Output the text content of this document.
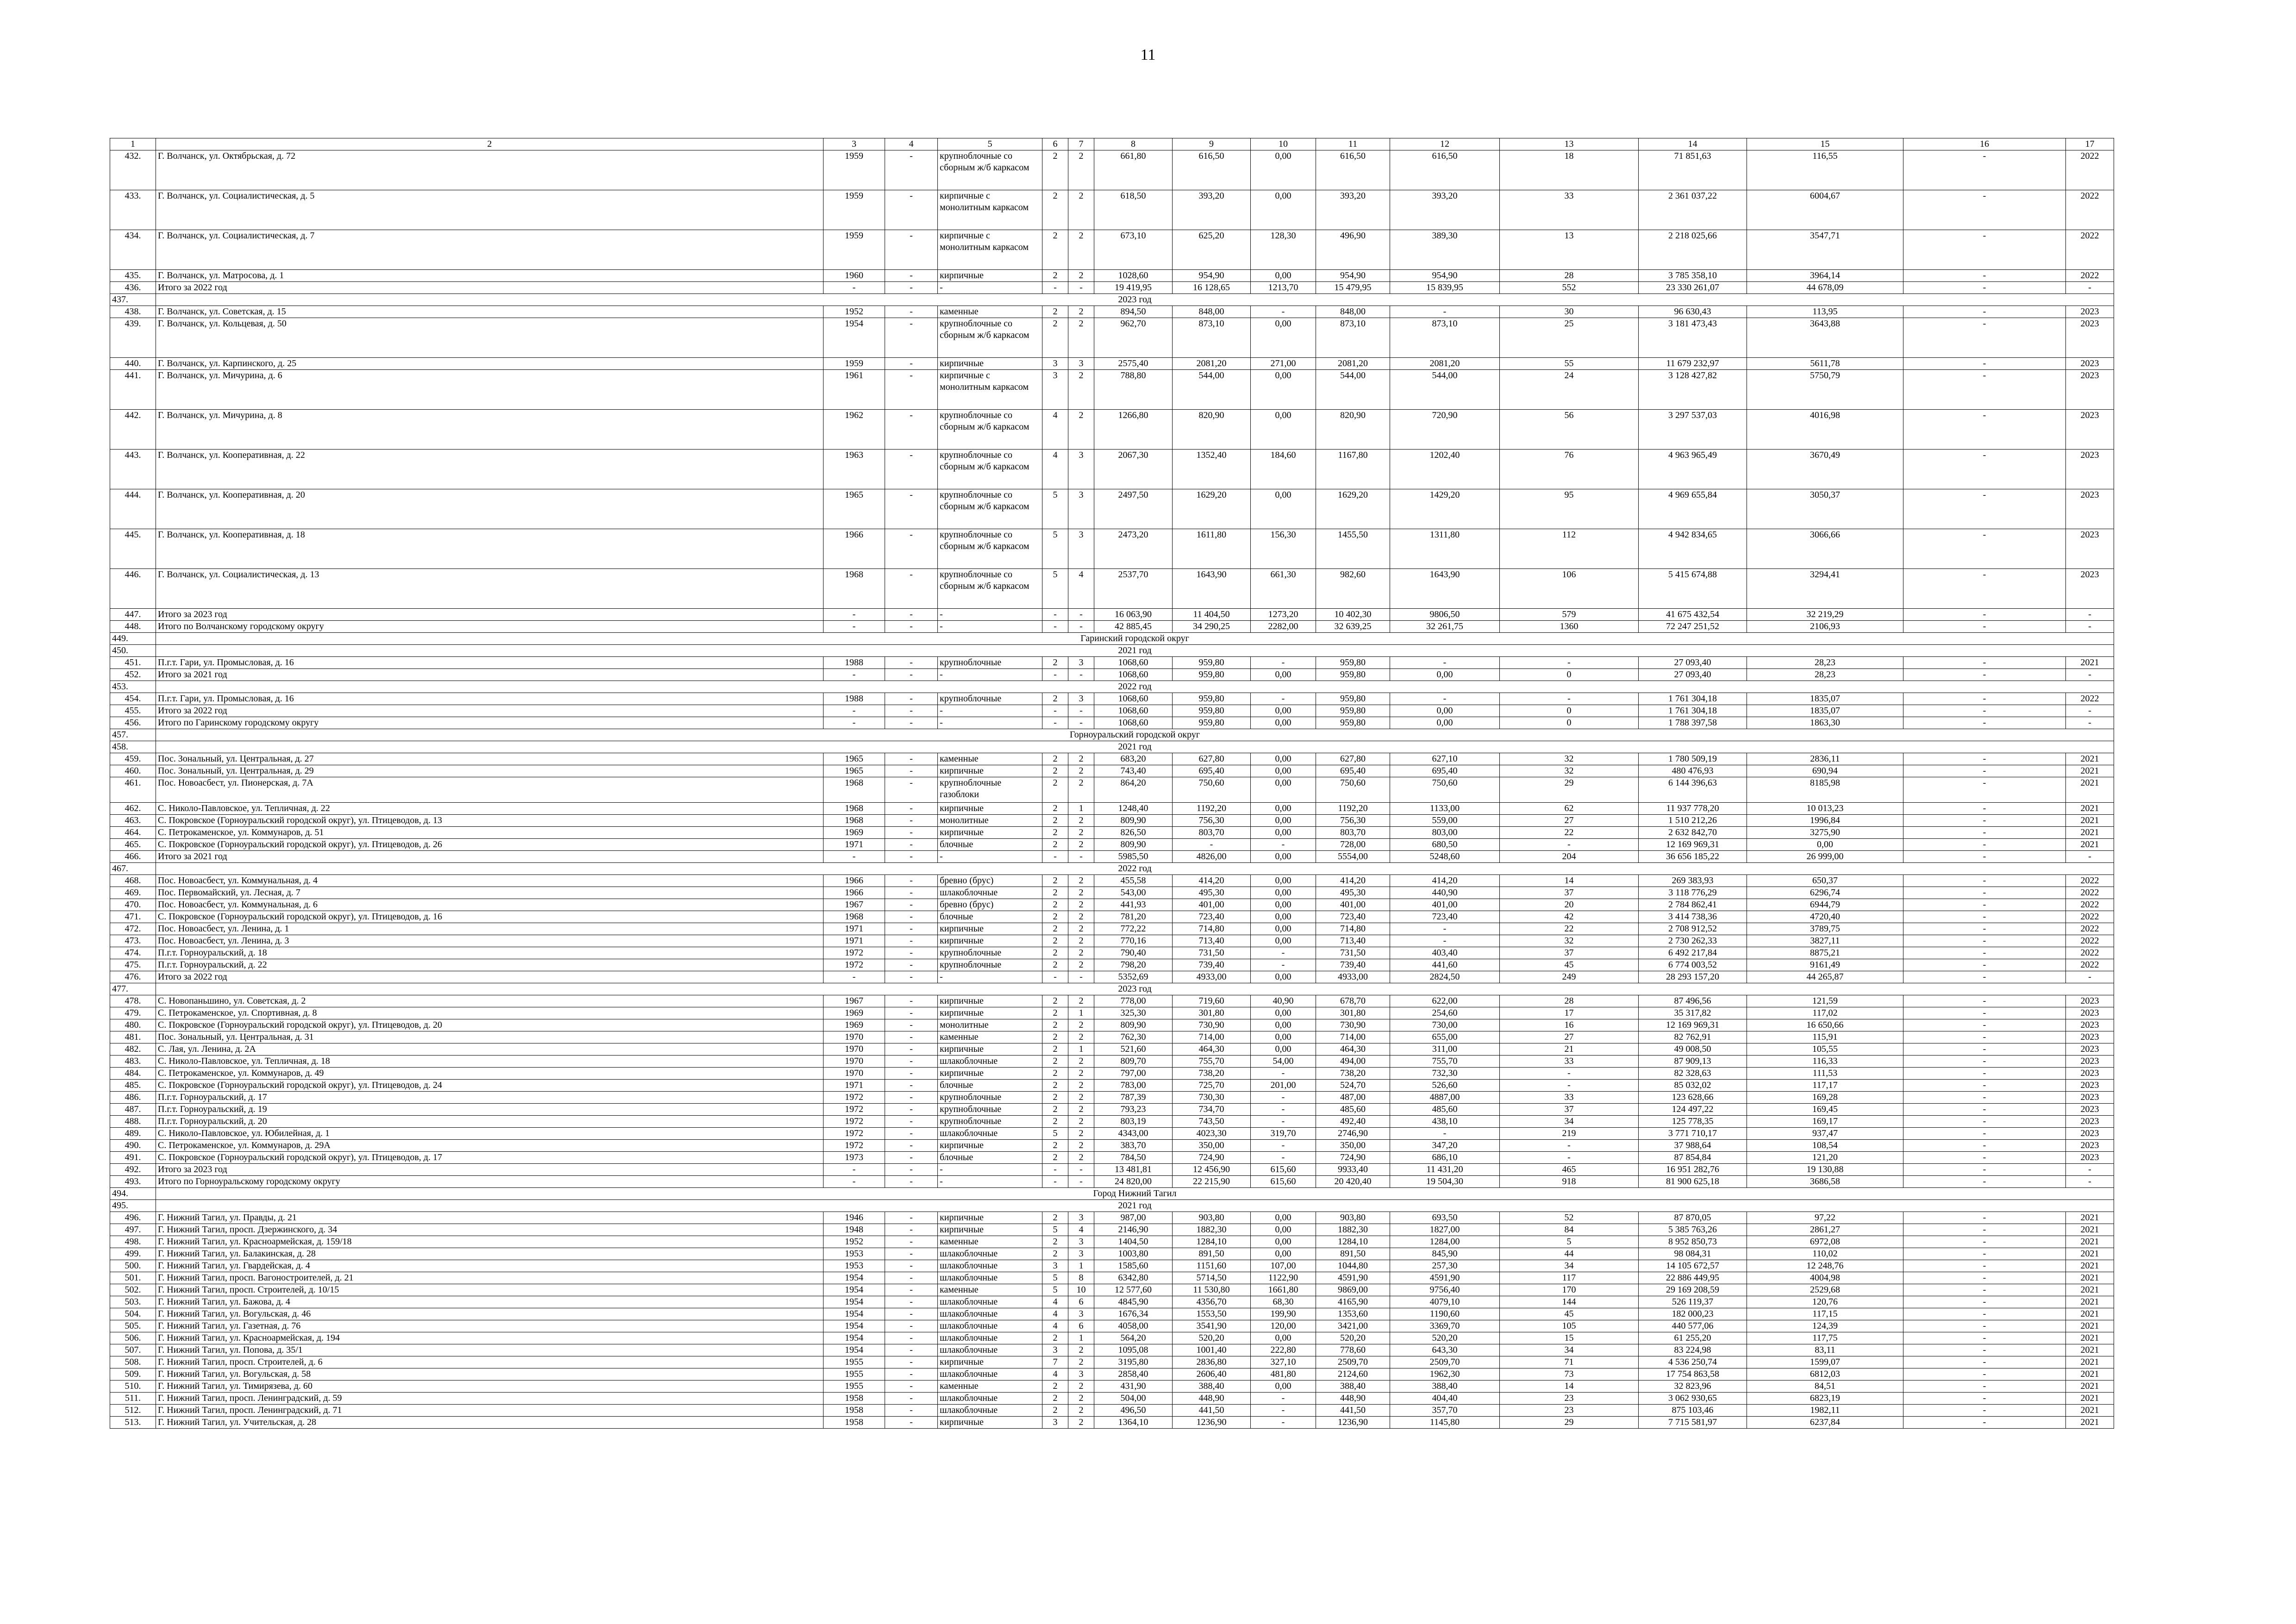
11
1	2	3	4	5	6	7	8	9	10	11	12	13	14	15	16	17
432.	Г. Волчанск, ул. Октябрьская, д. 72	1959	-	крупноблочные со сборным ж/б каркасом	2	2	661,80	616,50	0,00	616,50	616,50	18	71 851,63	116,55	-	2022
433.	Г. Волчанск, ул. Социалистическая, д. 5	1959	-	кирпичные с монолитным каркасом	2	2	618,50	393,20	0,00	393,20	393,20	33	2 361 037,22	6004,67	-	2022
434.	Г. Волчанск, ул. Социалистическая, д. 7	1959	-	кирпичные с монолитным каркасом	2	2	673,10	625,20	128,30	496,90	389,30	13	2 218 025,66	3547,71	-	2022
435.	Г. Волчанск, ул. Матросова, д. 1	1960	-	кирпичные	2	2	1028,60	954,90	0,00	954,90	954,90	28	3 785 358,10	3964,14	-	2022
436.	Итого за 2022 год	-	-	-	-	-	19 419,95	16 128,65	1213,70	15 479,95	15 839,95	552	23 330 261,07	44 678,09	-	-
437.	2023 год															
438.	Г. Волчанск, ул. Советская, д. 15	1952	-	каменные	2	2	894,50	848,00	-	848,00	-	30	96 630,43	113,95	-	2023
439.	Г. Волчанск, ул. Кольцевая, д. 50	1954	-	крупноблочные со сборным ж/б каркасом	2	2	962,70	873,10	0,00	873,10	873,10	25	3 181 473,43	3643,88	-	2023
440.	Г. Волчанск, ул. Карпинского, д. 25	1959	-	кирпичные	3	3	2575,40	2081,20	271,00	2081,20	2081,20	55	11 679 232,97	5611,78	-	2023
441.	Г. Волчанск, ул. Мичурина, д. 6	1961	-	кирпичные с монолитным каркасом	3	2	788,80	544,00	0,00	544,00	544,00	24	3 128 427,82	5750,79	-	2023
442.	Г. Волчанск, ул. Мичурина, д. 8	1962	-	крупноблочные со сборным ж/б каркасом	4	2	1266,80	820,90	0,00	820,90	720,90	56	3 297 537,03	4016,98	-	2023
443.	Г. Волчанск, ул. Кооперативная, д. 22	1963	-	крупноблочные со сборным ж/б каркасом	4	3	2067,30	1352,40	184,60	1167,80	1202,40	76	4 963 965,49	3670,49	-	2023
444.	Г. Волчанск, ул. Кооперативная, д. 20	1965	-	крупноблочные со сборным ж/б каркасом	5	3	2497,50	1629,20	0,00	1629,20	1429,20	95	4 969 655,84	3050,37	-	2023
445.	Г. Волчанск, ул. Кооперативная, д. 18	1966	-	крупноблочные со сборным ж/б каркасом	5	3	2473,20	1611,80	156,30	1455,50	1311,80	112	4 942 834,65	3066,66	-	2023
446.	Г. Волчанск, ул. Социалистическая, д. 13	1968	-	крупноблочные со сборным ж/б каркасом	5	4	2537,70	1643,90	661,30	982,60	1643,90	106	5 415 674,88	3294,41	-	2023
447.	Итого за 2023 год	-	-	-	-	-	16 063,90	11 404,50	1273,20	10 402,30	9806,50	579	41 675 432,54	32 219,29	-	-
448.	Итого по Волчанскому городскому округу	-	-	-	-	-	42 885,45	34 290,25	2282,00	32 639,25	32 261,75	1360	72 247 251,52	2106,93	-	-
449.	Гаринский городской округ															
450.	2021 год															
451.	П.г.т. Гари, ул. Промысловая, д. 16	1988	-	крупноблочные	2	3	1068,60	959,80	-	959,80	-	-	27 093,40	28,23	-	2021
452.	Итого за 2021 год	-	-	-	-	-	1068,60	959,80	0,00	959,80	0,00	0	27 093,40	28,23	-	-
453.	2022 год															
454.	П.г.т. Гари, ул. Промысловая, д. 16	1988	-	крупноблочные	2	3	1068,60	959,80	-	959,80	-	-	1 761 304,18	1835,07	-	2022
455.	Итого за 2022 год	-	-	-	-	-	1068,60	959,80	0,00	959,80	0,00	0	1 761 304,18	1835,07	-	-
456.	Итого по Гаринскому городскому округу	-	-	-	-	-	1068,60	959,80	0,00	959,80	0,00	0	1 788 397,58	1863,30	-	-
457.	Горноуральский городской округ															
458.	2021 год															
459.	Пос. Зональный, ул. Центральная, д. 27	1965	-	каменные	2	2	683,20	627,80	0,00	627,80	627,10	32	1 780 509,19	2836,11	-	2021
460.	Пос. Зональный, ул. Центральная, д. 29	1965	-	кирпичные	2	2	743,40	695,40	0,00	695,40	695,40	32	480 476,93	690,94	-	2021
461.	Пос. Новоасбест, ул. Пионерская, д. 7А	1968	-	крупноблочные газоблоки	2	2	864,20	750,60	0,00	750,60	750,60	29	6 144 396,63	8185,98	-	2021
462.	С. Николо-Павловское, ул. Тепличная, д. 22	1968	-	кирпичные	2	1	1248,40	1192,20	0,00	1192,20	1133,00	62	11 937 778,20	10 013,23	-	2021
463.	С. Покровское (Горноуральский городской округ), ул. Птицеводов, д. 13	1968	-	монолитные	2	2	809,90	756,30	0,00	756,30	559,00	27	1 510 212,26	1996,84	-	2021
464.	С. Петрокаменское, ул. Коммунаров, д. 51	1969	-	кирпичные	2	2	826,50	803,70	0,00	803,70	803,00	22	2 632 842,70	3275,90	-	2021
465.	С. Покровское (Горноуральский городской округ), ул. Птицеводов, д. 26	1971	-	блочные	2	2	809,90	-	-	728,00	680,50	-	12 169 969,31	0,00	-	2021
466.	Итого за 2021 год	-	-	-	-	-	5985,50	4826,00	0,00	5554,00	5248,60	204	36 656 185,22	26 999,00	-	-
467.	2022 год															
468.	Пос. Новоасбест, ул. Коммунальная, д. 4	1966	-	бревно (брус)	2	2	455,58	414,20	0,00	414,20	414,20	14	269 383,93	650,37	-	2022
469.	Пос. Первомайский, ул. Лесная, д. 7	1966	-	шлакоблочные	2	2	543,00	495,30	0,00	495,30	440,90	37	3 118 776,29	6296,74	-	2022
470.	Пос. Новоасбест, ул. Коммунальная, д. 6	1967	-	бревно (брус)	2	2	441,93	401,00	0,00	401,00	401,00	20	2 784 862,41	6944,79	-	2022
471.	С. Покровское (Горноуральский городской округ), ул. Птицеводов, д. 16	1968	-	блочные	2	2	781,20	723,40	0,00	723,40	723,40	42	3 414 738,36	4720,40	-	2022
472.	Пос. Новоасбест, ул. Ленина, д. 1	1971	-	кирпичные	2	2	772,22	714,80	0,00	714,80	-	22	2 708 912,52	3789,75	-	2022
473.	Пос. Новоасбест, ул. Ленина, д. 3	1971	-	кирпичные	2	2	770,16	713,40	0,00	713,40	-	32	2 730 262,33	3827,11	-	2022
474.	П.г.т. Горноуральский, д. 18	1972	-	крупноблочные	2	2	790,40	731,50	-	731,50	403,40	37	6 492 217,84	8875,21	-	2022
475.	П.г.т. Горноуральский, д. 22	1972	-	крупноблочные	2	2	798,20	739,40	-	739,40	441,60	45	6 774 003,52	9161,49	-	2022
476.	Итого за 2022 год	-	-	-	-	-	5352,69	4933,00	0,00	4933,00	2824,50	249	28 293 157,20	44 265,87	-	-
477.	2023 год															
478.	С. Новопаньшино, ул. Советская, д. 2	1967	-	кирпичные	2	2	778,00	719,60	40,90	678,70	622,00	28	87 496,56	121,59	-	2023
479.	С. Петрокаменское, ул. Спортивная, д. 8	1969	-	кирпичные	2	1	325,30	301,80	0,00	301,80	254,60	17	35 317,82	117,02	-	2023
480.	С. Покровское (Горноуральский городской округ), ул. Птицеводов, д. 20	1969	-	монолитные	2	2	809,90	730,90	0,00	730,90	730,00	16	12 169 969,31	16 650,66	-	2023
481.	Пос. Зональный, ул. Центральная, д. 31	1970	-	каменные	2	2	762,30	714,00	0,00	714,00	655,00	27	82 762,91	115,91	-	2023
482.	С. Лая, ул. Ленина, д. 2А	1970	-	кирпичные	2	1	521,60	464,30	0,00	464,30	311,00	21	49 008,50	105,55	-	2023
483.	С. Николо-Павловское, ул. Тепличная, д. 18	1970	-	шлакоблочные	2	2	809,70	755,70	54,00	494,00	755,70	33	87 909,13	116,33	-	2023
484.	С. Петрокаменское, ул. Коммунаров, д. 49	1970	-	кирпичные	2	2	797,00	738,20	-	738,20	732,30	-	82 328,63	111,53	-	2023
485.	С. Покровское (Горноуральский городской округ), ул. Птицеводов, д. 24	1971	-	блочные	2	2	783,00	725,70	201,00	524,70	526,60	-	85 032,02	117,17	-	2023
486.	П.г.т. Горноуральский, д. 17	1972	-	крупноблочные	2	2	787,39	730,30	-	487,00	4887,00	33	123 628,66	169,28	-	2023
487.	П.г.т. Горноуральский, д. 19	1972	-	крупноблочные	2	2	793,23	734,70	-	485,60	485,60	37	124 497,22	169,45	-	2023
488.	П.г.т. Горноуральский, д. 20	1972	-	крупноблочные	2	2	803,19	743,50	-	492,40	438,10	34	125 778,35	169,17	-	2023
489.	С. Николо-Павловское, ул. Юбилейная, д. 1	1972	-	шлакоблочные	5	2	4343,00	4023,30	319,70	2746,90	-	219	3 771 710,17	937,47	-	2023
490.	С. Петрокаменское, ул. Коммунаров, д. 29А	1972	-	кирпичные	2	2	383,70	350,00	-	350,00	347,20	-	37 988,64	108,54	-	2023
491.	С. Покровское (Горноуральский городской округ), ул. Птицеводов, д. 17	1973	-	блочные	2	2	784,50	724,90	-	724,90	686,10	-	87 854,84	121,20	-	2023
492.	Итого за 2023 год	-	-	-	-	-	13 481,81	12 456,90	615,60	9933,40	11 431,20	465	16 951 282,76	19 130,88	-	-
493.	Итого по Горноуральскому городскому округу	-	-	-	-	-	24 820,00	22 215,90	615,60	20 420,40	19 504,30	918	81 900 625,18	3686,58	-	-
494.	Город Нижний Тагил															
495.	2021 год															
496.	Г. Нижний Тагил, ул. Правды, д. 21	1946	-	кирпичные	2	3	987,00	903,80	0,00	903,80	693,50	52	87 870,05	97,22	-	2021
497.	Г. Нижний Тагил, просп. Дзержинского, д. 34	1948	-	кирпичные	5	4	2146,90	1882,30	0,00	1882,30	1827,00	84	5 385 763,26	2861,27	-	2021
498.	Г. Нижний Тагил, ул. Красноармейская, д. 159/18	1952	-	каменные	2	3	1404,50	1284,10	0,00	1284,10	1284,00	5	8 952 850,73	6972,08	-	2021
499.	Г. Нижний Тагил, ул. Балакинская, д. 28	1953	-	шлакоблочные	2	3	1003,80	891,50	0,00	891,50	845,90	44	98 084,31	110,02	-	2021
500.	Г. Нижний Тагил, ул. Гвардейская, д. 4	1953	-	шлакоблочные	3	1	1585,60	1151,60	107,00	1044,80	257,30	34	14 105 672,57	12 248,76	-	2021
501.	Г. Нижний Тагил, просп. Вагоностроителей, д. 21	1954	-	шлакоблочные	5	8	6342,80	5714,50	1122,90	4591,90	4591,90	117	22 886 449,95	4004,98	-	2021
502.	Г. Нижний Тагил, просп. Строителей, д. 10/15	1954	-	каменные	5	10	12 577,60	11 530,80	1661,80	9869,00	9756,40	170	29 169 208,59	2529,68	-	2021
503.	Г. Нижний Тагил, ул. Бажова, д. 4	1954	-	шлакоблочные	4	6	4845,90	4356,70	68,30	4165,90	4079,10	144	526 119,37	120,76	-	2021
504.	Г. Нижний Тагил, ул. Вогульская, д. 46	1954	-	шлакоблочные	4	3	1676,34	1553,50	199,90	1353,60	1190,60	45	182 000,23	117,15	-	2021
505.	Г. Нижний Тагил, ул. Газетная, д. 76	1954	-	шлакоблочные	4	6	4058,00	3541,90	120,00	3421,00	3369,70	105	440 577,06	124,39	-	2021
506.	Г. Нижний Тагил, ул. Красноармейская, д. 194	1954	-	шлакоблочные	2	1	564,20	520,20	0,00	520,20	520,20	15	61 255,20	117,75	-	2021
507.	Г. Нижний Тагил, ул. Попова, д. 35/1	1954	-	шлакоблочные	3	2	1095,08	1001,40	222,80	778,60	643,30	34	83 224,98	83,11	-	2021
508.	Г. Нижний Тагил, просп. Строителей, д. 6	1955	-	кирпичные	7	2	3195,80	2836,80	327,10	2509,70	2509,70	71	4 536 250,74	1599,07	-	2021
509.	Г. Нижний Тагил, ул. Вогульская, д. 58	1955	-	шлакоблочные	4	3	2858,40	2606,40	481,80	2124,60	1962,30	73	17 754 863,58	6812,03	-	2021
510.	Г. Нижний Тагил, ул. Тимирязева, д. 60	1955	-	каменные	2	2	431,90	388,40	0,00	388,40	388,40	14	32 823,96	84,51	-	2021
511.	Г. Нижний Тагил, просп. Ленинградский, д. 59	1958	-	шлакоблочные	2	2	504,00	448,90	-	448,90	404,40	23	3 062 930,65	6823,19	-	2021
512.	Г. Нижний Тагил, просп. Ленинградский, д. 71	1958	-	шлакоблочные	2	2	496,50	441,50	-	441,50	357,70	23	875 103,46	1982,11	-	2021
513.	Г. Нижний Тагил, ул. Учительская, д. 28	1958	-	кирпичные	3	2	1364,10	1236,90	-	1236,90	1145,80	29	7 715 581,97	6237,84	-	2021
